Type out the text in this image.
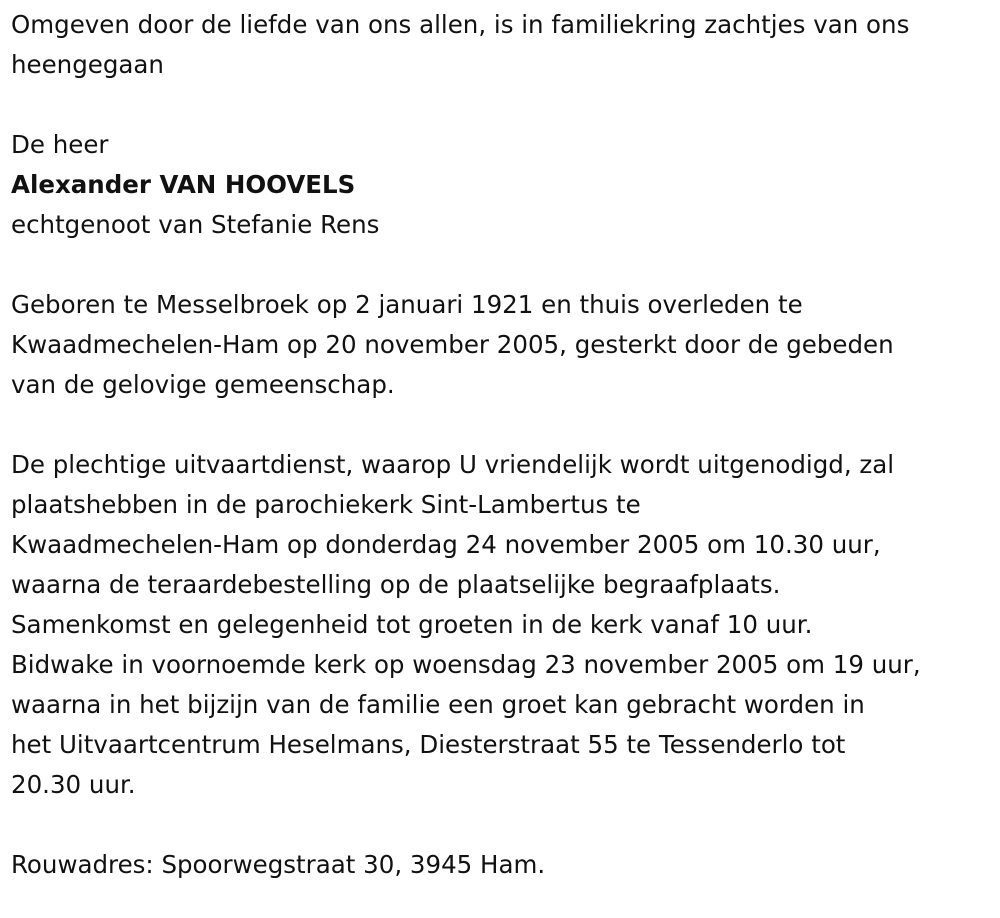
Omgeven door de liefde van ons allen, is in familiekring zachtjes van ons

heengegaan

De heer

Alexander VAN HOOVELS

echtgenoot van Stefanie Rens

Geboren te Messelbroek op 2 januari 1921 en thuis overleden te

Kwaadmechelen-Ham op 20 november 2005, gesterkt door de gebeden

van de gelovige gemeenschap.

De plechtige uitvaartdienst, waarop U vriendelijk wordt uitgenodigd, zal

plaatshebben in de parochiekerk Sint-Lambertus te

Kwaadmechelen-Ham op donderdag 24 november 2005 om 10.30 uur,

waarna de teraardebestelling op de plaatselijke begraafplaats.

Samenkomst en gelegenheid tot groeten in de kerk vanaf 10 uur.

Bidwake in voornoemde kerk op woensdag 23 november 2005 om 19 uur,

waarna in het bijzijn van de familie een groet kan gebracht worden in

het Uitvaartcentrum Heselmans, Diesterstraat 55 te Tessenderlo tot

20.30 uur.

Rouwadres: Spoorwegstraat 30, 3945 Ham.
